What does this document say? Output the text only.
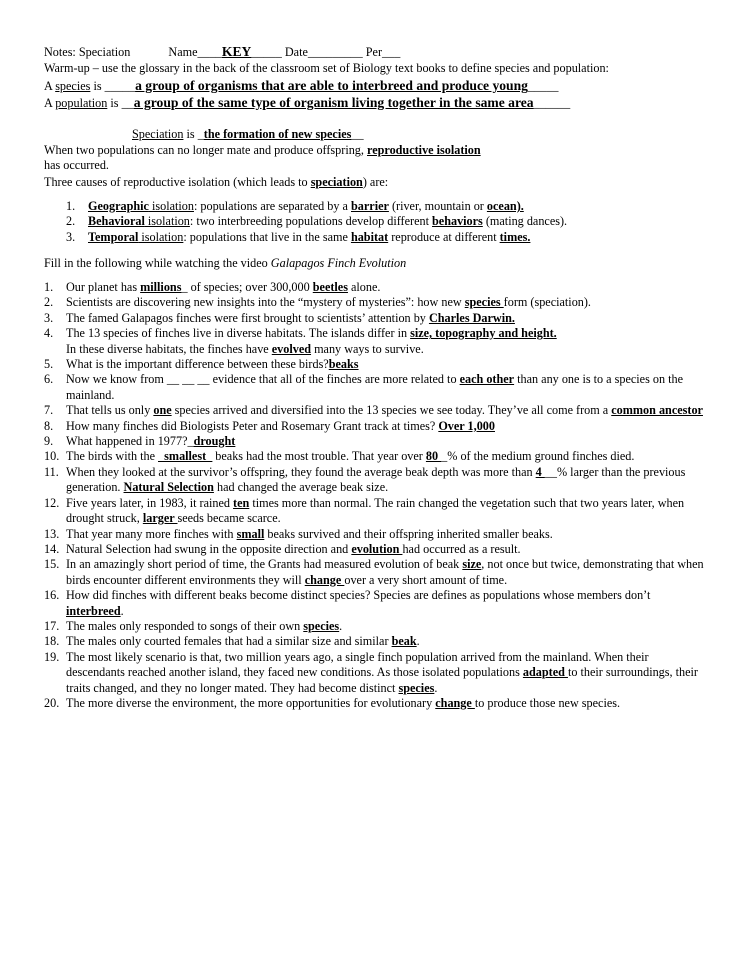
Notes: Speciation	Name____KEY_____ Date_________ Per___
Warm-up – use the glossary in the back of the classroom set of Biology text books to define species and population:
A species is _____a group of organisms that are able to interbreed and produce young_____
A population is __a group of the same type of organism living together in the same area______
Speciation is _the formation of new species__
When two populations can no longer mate and produce offspring, reproductive isolation
has occurred.
Three causes of reproductive isolation (which leads to speciation) are:
1. Geographic isolation: populations are separated by a barrier (river, mountain or ocean).
2. Behavioral isolation: two interbreeding populations develop different behaviors (mating dances).
3. Temporal isolation: populations that live in the same habitat reproduce at different times.
Fill in the following while watching the video Galapagos Finch Evolution
1. Our planet has millions_ of species; over 300,000 beetles alone.
2. Scientists are discovering new insights into the “mystery of mysteries”: how new species form (speciation).
3. The famed Galapagos finches were first brought to scientists’ attention by Charles Darwin.
4. The 13 species of finches live in diverse habitats. The islands differ in size, topography and height.
In these diverse habitats, the finches have evolved many ways to survive.
5. What is the important difference between these birds?beaks
6. Now we know from __ __ __ evidence that all of the finches are more related to each other than any one is to a species on the mainland.
7. That tells us only one species arrived and diversified into the 13 species we see today. They’ve all come from a common ancestor
8. How many finches did Biologists Peter and Rosemary Grant track at times? Over 1,000
9. What happened in 1977?_drought
10. The birds with the _smallest_ beaks had the most trouble. That year over 80 _% of the medium ground finches died.
11. When they looked at the survivor’s offspring, they found the average beak depth was more than 4 __% larger than the previous generation. Natural Selection had changed the average beak size.
12. Five years later, in 1983, it rained ten times more than normal. The rain changed the vegetation such that two years later, when drought struck, larger seeds became scarce.
13. That year many more finches with small beaks survived and their offspring inherited smaller beaks.
14. Natural Selection had swung in the opposite direction and evolution had occurred as a result.
15. In an amazingly short period of time, the Grants had measured evolution of beak size, not once but twice, demonstrating that when birds encounter different environments they will change over a very short amount of time.
16. How did finches with different beaks become distinct species? Species are defines as populations whose members don’t interbreed.
17. The males only responded to songs of their own species.
18. The males only courted females that had a similar size and similar beak.
19. The most likely scenario is that, two million years ago, a single finch population arrived from the mainland. When their descendants reached another island, they faced new conditions. As those isolated populations adapted to their surroundings, their traits changed, and they no longer mated. They had become distinct species.
20. The more diverse the environment, the more opportunities for evolutionary change to produce those new species.
